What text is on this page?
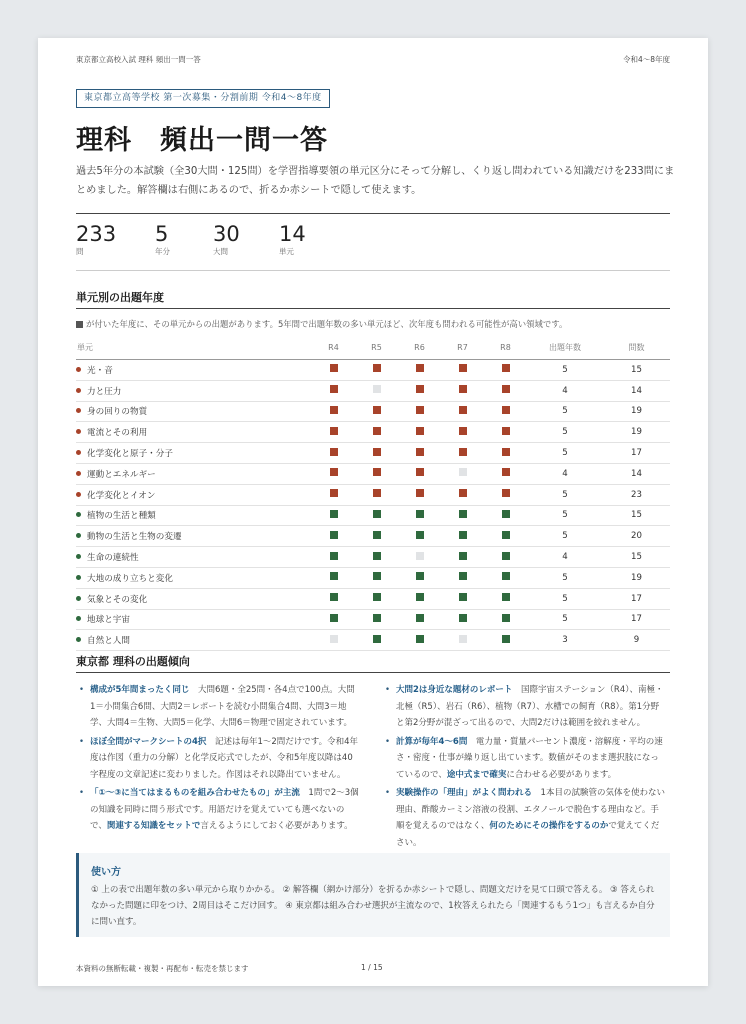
東京都立高校入試 理科 頻出一問一答	令和4～8年度
東京都立高等学校 第一次募集・分割前期 令和4～8年度
理科　頻出一問一答
過去5年分の本試験（全30大問・125問）を学習指導要領の単元区分にそって分解し、くり返し問われている知識だけを233問にまとめました。解答欄は右側にあるので、折るか赤シートで隠して使えます。
233
問
5
年分
30
大問
14
単元
単元別の出題年度
が付いた年度に、その単元からの出題があります。5年間で出題年数の多い単元ほど、次年度も問われる可能性が高い領域です。
単元	R4	R5	R6	R7	R8	出題年数	問数
光・音						5	15
力と圧力						4	14
身の回りの物質						5	19
電流とその利用						5	19
化学変化と原子・分子						5	17
運動とエネルギー						4	14
化学変化とイオン						5	23
植物の生活と種類						5	15
動物の生活と生物の変遷						5	20
生命の連続性						4	15
大地の成り立ちと変化						5	19
気象とその変化						5	17
地球と宇宙						5	17
自然と人間						3	9
東京都 理科の出題傾向
• 構成が5年間まったく同じ　 大問6題・全25問・各4点で100点。大問1＝小問集合6問、大問2＝レポートを読む小問集合4問、大問3＝地学、大問4＝生物、大問5＝化学、大問6＝物理で固定されています。
• ほぼ全問がマークシートの4択　 記述は毎年1～2問だけです。令和4年度は作図（重力の分解）と化学反応式でしたが、令和5年度以降は40字程度の文章記述に変わりました。作図はそれ以降出ていません。
• 「①～③に当てはまるものを組み合わせたもの」が主流　 1問で2～3個の知識を同時に問う形式です。用語だけを覚えていても選べないので、関連する知識をセットで言えるようにしておく必要があります。
• 大問2は身近な題材のレポート　 国際宇宙ステーション（R4）、南極・北極（R5）、岩石（R6）、植物（R7）、水槽での飼育（R8）。第1分野と第2分野が混ざって出るので、大問2だけは範囲を絞れません。
• 計算が毎年4～6問　 電力量・質量パーセント濃度・溶解度・平均の速さ・密度・仕事が繰り返し出ています。数値がそのまま選択肢になっているので、途中式まで確実に合わせる必要があります。
• 実験操作の「理由」がよく問われる　 1本目の試験管の気体を使わない理由、酢酸カーミン溶液の役割、エタノールで脱色する理由など。手順を覚えるのではなく、何のためにその操作をするのかで覚えてください。
使い方
① 上の表で出題年数の多い単元から取りかかる。 ② 解答欄（網かけ部分）を折るか赤シートで隠し、問題文だけを見て口頭で答える。 ③ 答えられなかった問題に印をつけ、2周目はそこだけ回す。 ④ 東京都は組み合わせ選択が主流なので、1枚答えられたら「関連するもう1つ」も言えるか自分に問い直す。
本資料の無断転載・複製・再配布・転売を禁じます	1 / 15
